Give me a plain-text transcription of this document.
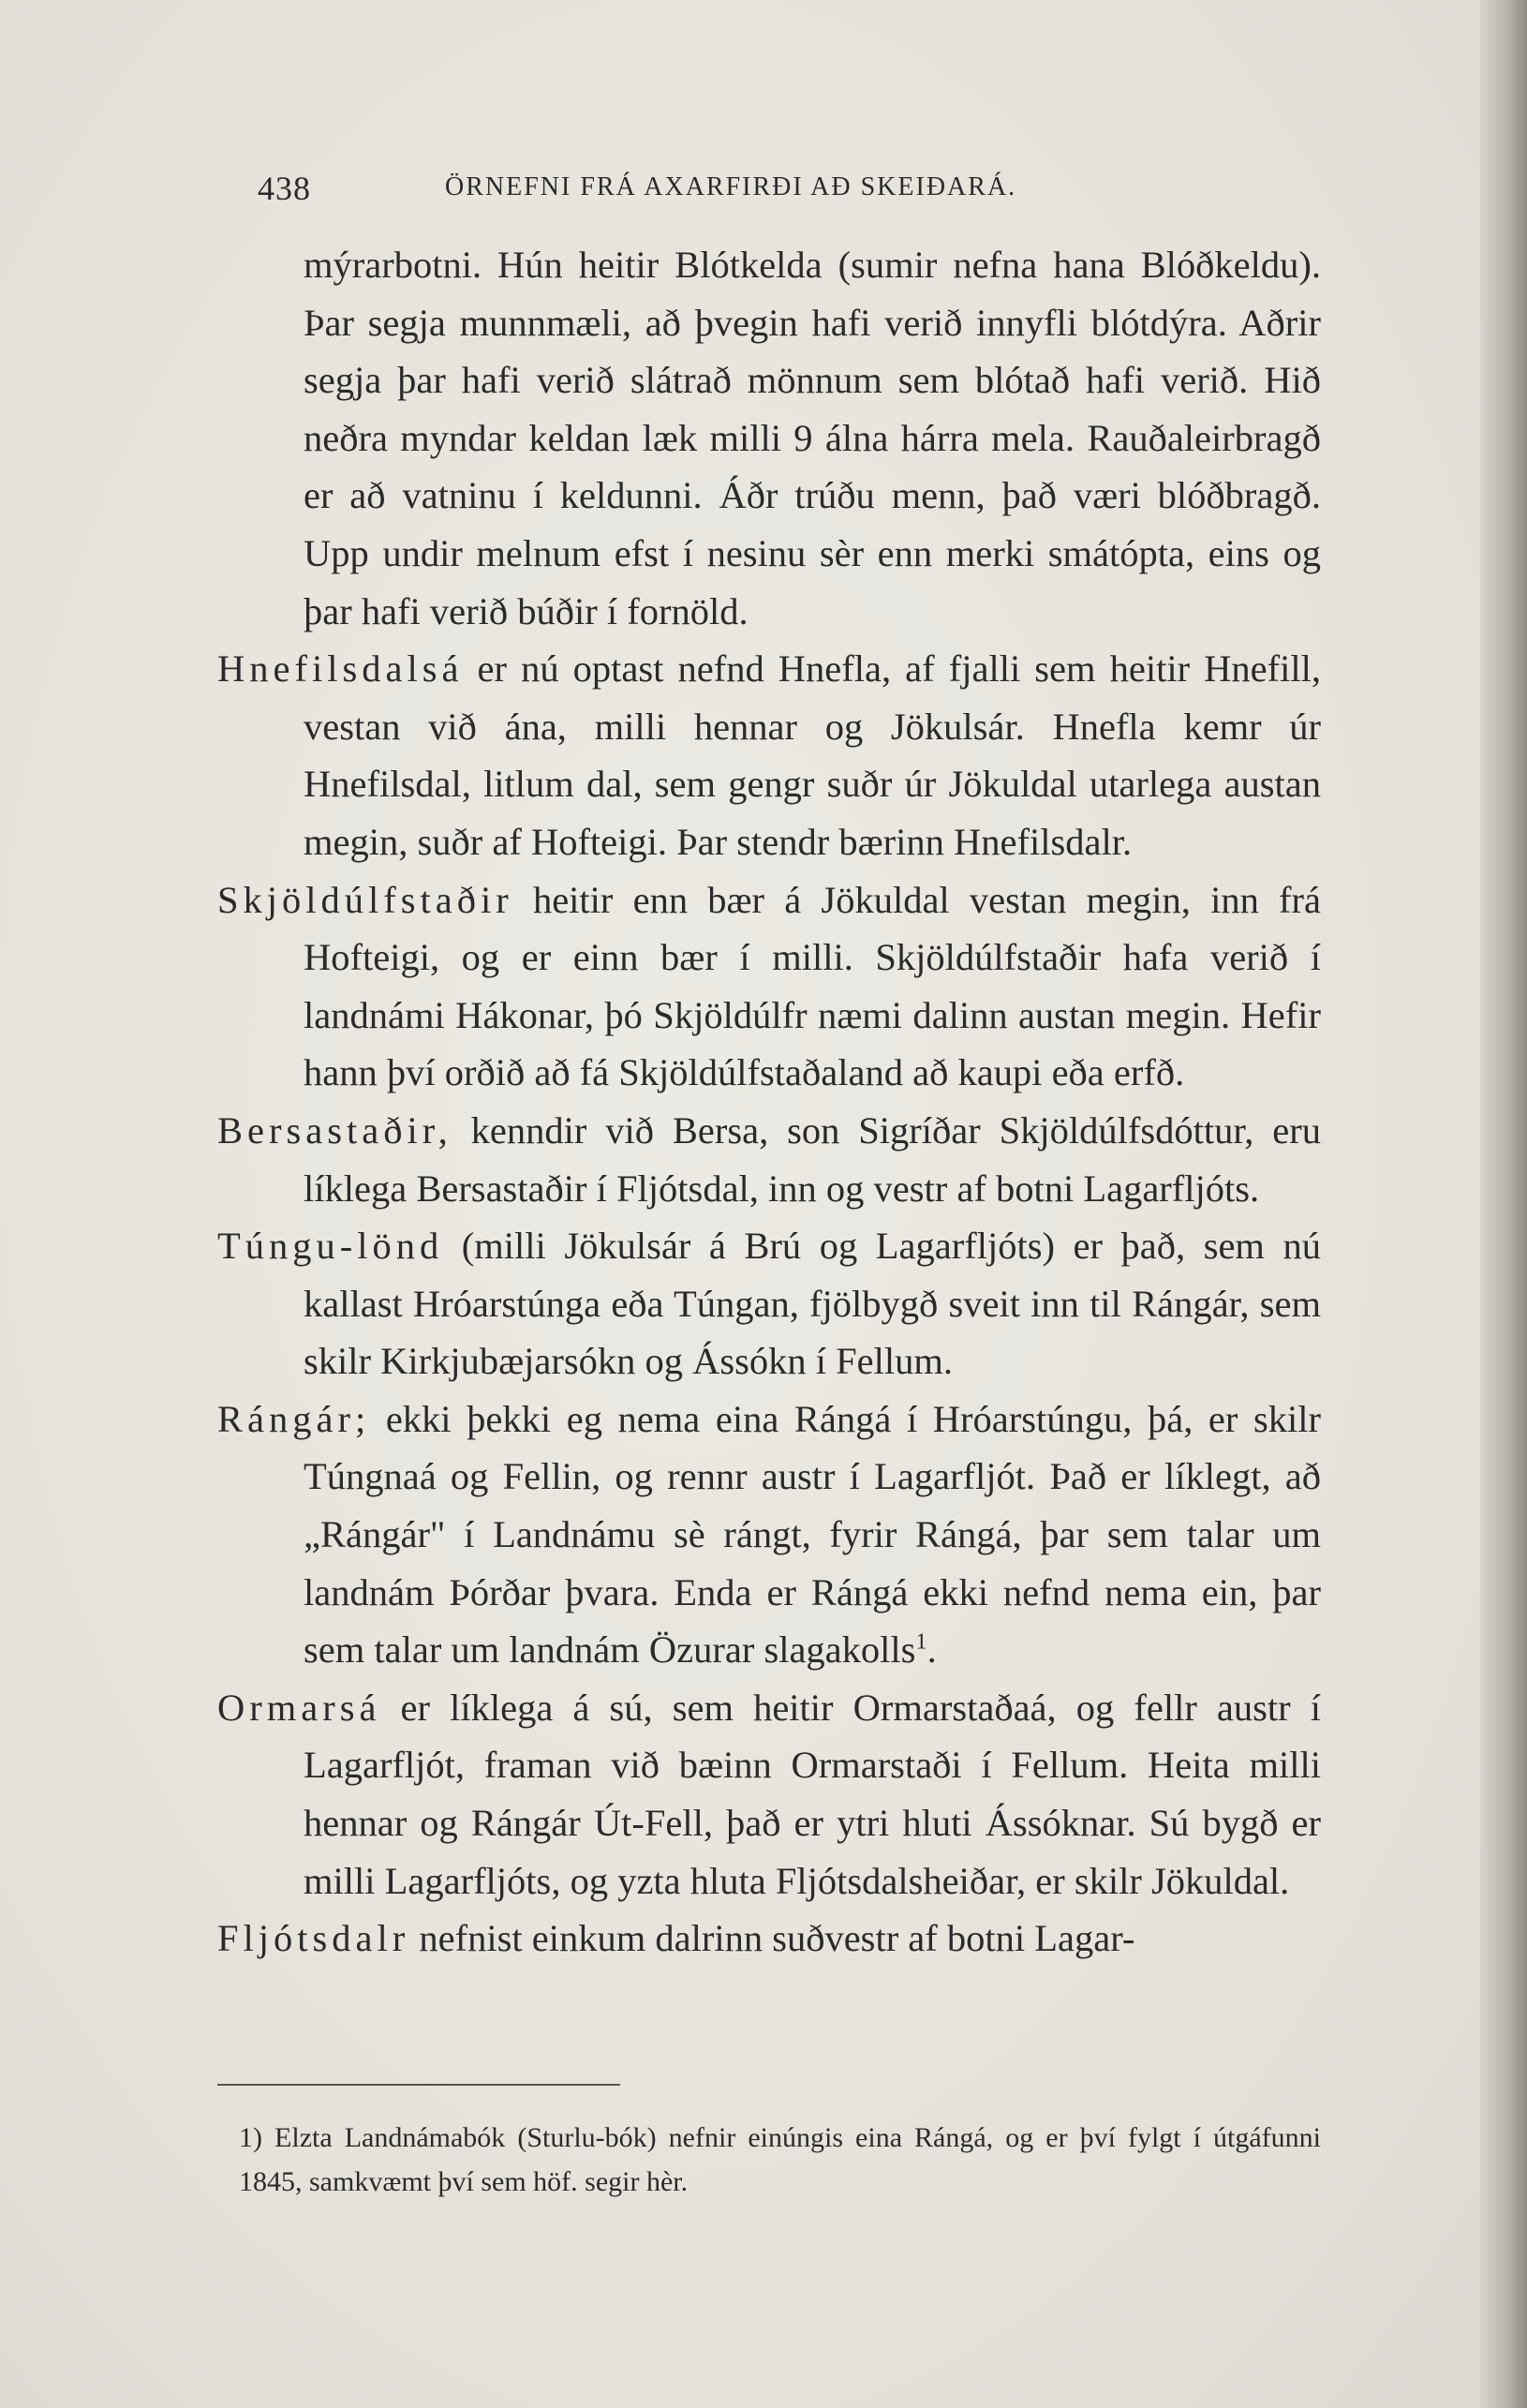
438	ÖRNEFNI FRÁ AXARFIRÐI AÐ SKEIÐARÁ.

mýrarbotni. Hún heitir Blótkelda (sumir nefna hana Blóðkeldu). Þar segja munnmæli, að þvegin hafi verið innyfli blótdýra. Aðrir segja þar hafi verið slátrað mönnum sem blótað hafi verið. Hið neðra myndar keldan læk milli 9 álna hárra mela. Rauðaleirbragð er að vatninu í keldunni. Áðr trúðu menn, það væri blóðbragð. Upp undir melnum efst í nesinu sèr enn merki smátópta, eins og þar hafi verið búðir í fornöld.

Hnefilsdalsá er nú optast nefnd Hnefla, af fjalli sem heitir Hnefill, vestan við ána, milli hennar og Jökulsár. Hnefla kemr úr Hnefilsdal, litlum dal, sem gengr suðr úr Jökuldal utarlega austan megin, suðr af Hofteigi. Þar stendr bærinn Hnefilsdalr.

Skjöldúlfstaðir heitir enn bær á Jökuldal vestan megin, inn frá Hofteigi, og er einn bær í milli. Skjöldúlfstaðir hafa verið í landnámi Hákonar, þó Skjöldúlfr næmi dalinn austan megin. Hefir hann því orðið að fá Skjöldúlfstaðaland að kaupi eða erfð.

Bersastaðir, kenndir við Bersa, son Sigríðar Skjöldúlfsdóttur, eru líklega Bersastaðir í Fljótsdal, inn og vestr af botni Lagarfljóts.

Túngu-lönd (milli Jökulsár á Brú og Lagarfljóts) er það, sem nú kallast Hróarstúnga eða Túngan, fjölbygð sveit inn til Rángár, sem skilr Kirkjubæjarsókn og Ássókn í Fellum.

Rángár; ekki þekki eg nema eina Rángá í Hróarstúngu, þá, er skilr Túngnaá og Fellin, og rennr austr í Lagarfljót. Það er líklegt, að „Rángár" í Landnámu sè rángt, fyrir Rángá, þar sem talar um landnám Þórðar þvara. Enda er Rángá ekki nefnd nema ein, þar sem talar um landnám Özurar slagakolls$^1$.

Ormarsá er líklega á sú, sem heitir Ormarstaðaá, og fellr austr í Lagarfljót, framan við bæinn Ormarstaði í Fellum. Heita milli hennar og Rángár Út-Fell, það er ytri hluti Ássóknar. Sú bygð er milli Lagarfljóts, og yzta hluta Fljótsdalsheiðar, er skilr Jökuldal.

Fljótsdalr nefnist einkum dalrinn suðvestr af botni Lagar-

1) Elzta Landnámabók (Sturlu-bók) nefnir einúngis eina Rángá, og er því fylgt í útgáfunni 1845, samkvæmt því sem höf. segir hèr.
